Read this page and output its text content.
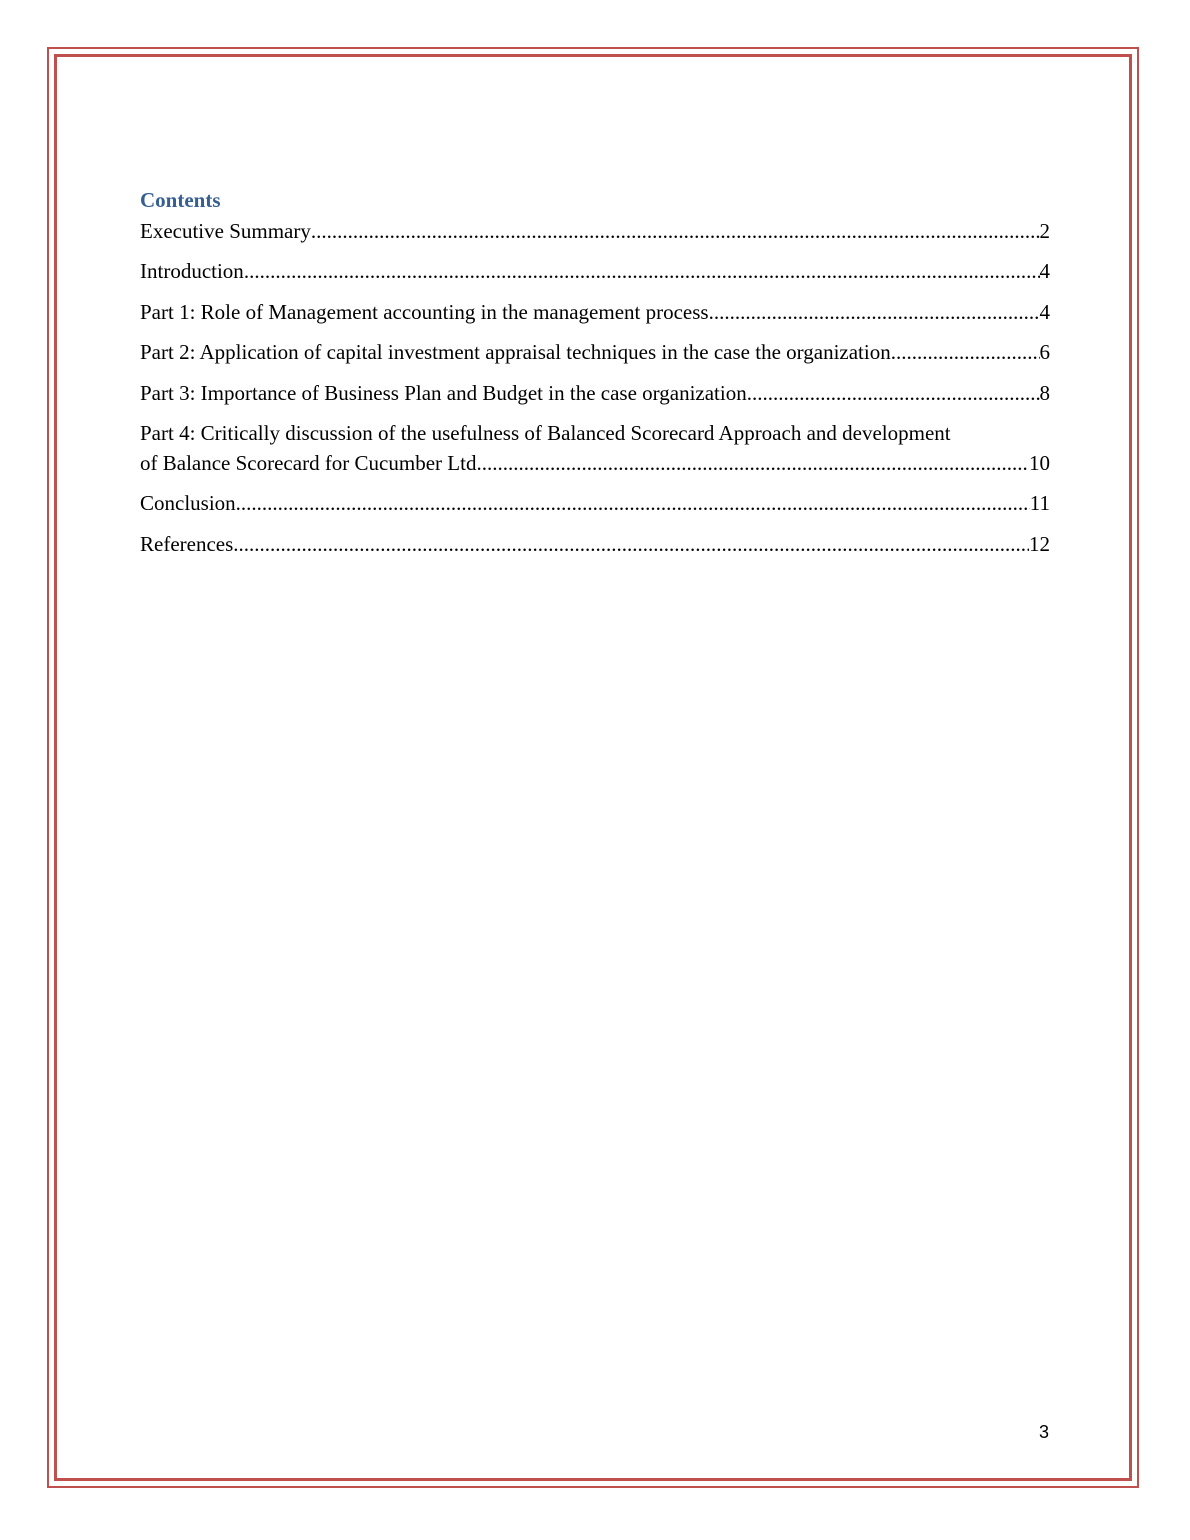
Contents
Executive Summary .....	2
Introduction .....	4
Part 1: Role of Management accounting in the management process .....	4
Part 2: Application of capital investment appraisal techniques in the case the organization .....	6
Part 3: Importance of Business Plan and Budget in the case organization .....	8
Part 4: Critically discussion of the usefulness of Balanced Scorecard Approach and development
of Balance Scorecard for Cucumber Ltd .....	10
Conclusion .....	11
References .....	12
3
